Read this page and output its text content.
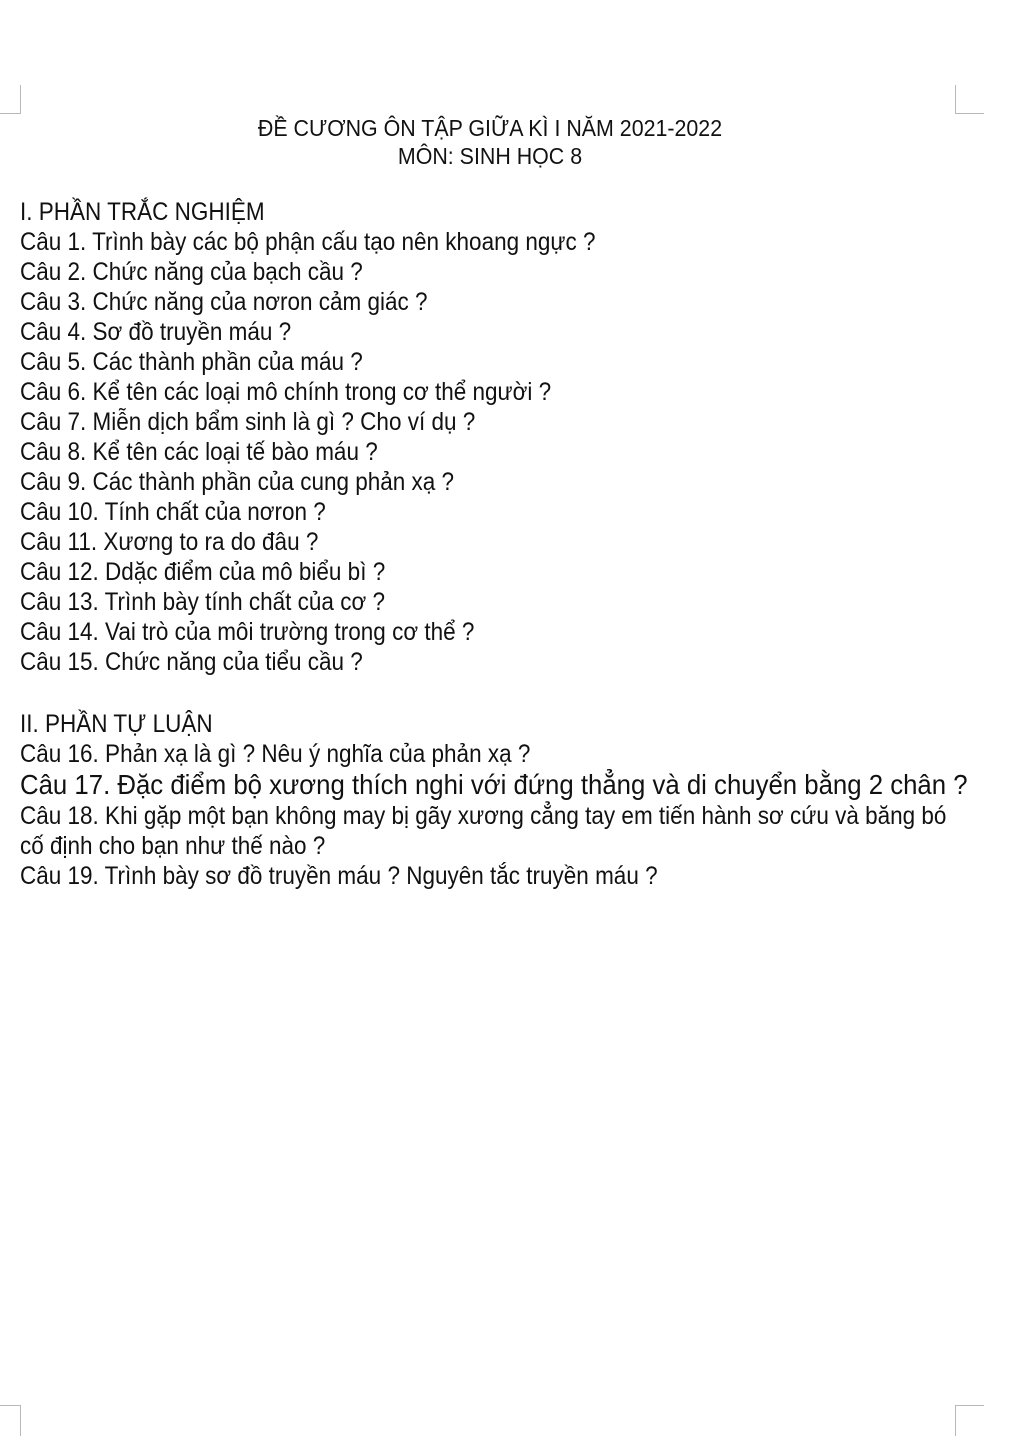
ĐỀ CƯƠNG ÔN TẬP GIỮA KÌ I NĂM 2021-2022
MÔN: SINH HỌC 8
I. PHẦN TRẮC NGHIỆM
Câu 1. Trình bày các bộ phận cấu tạo nên khoang ngực ?
Câu 2. Chức năng của bạch cầu ?
Câu 3. Chức năng của nơron cảm giác ?
Câu 4. Sơ đồ truyền máu ?
Câu 5. Các thành phần của máu ?
Câu 6. Kể tên các loại mô chính trong cơ thể người ?
Câu 7. Miễn dịch bẩm sinh là gì ? Cho ví dụ ?
Câu 8. Kể tên các loại tế bào máu ?
Câu 9. Các thành phần của cung phản xạ ?
Câu 10. Tính chất của nơron ?
Câu 11. Xương to ra do đâu ?
Câu 12. Ddặc điểm của mô biểu bì ?
Câu 13. Trình bày tính chất của cơ ?
Câu 14. Vai trò của môi trường trong cơ thể ?
Câu 15. Chức năng của tiểu cầu ?
II. PHẦN TỰ LUẬN
Câu 16. Phản xạ là gì ? Nêu ý nghĩa của phản xạ ?
Câu 17. Đặc điểm bộ xương thích nghi với đứng thẳng và di chuyển bằng 2 chân ?
Câu 18. Khi gặp một bạn không may bị gãy xương cẳng tay em tiến hành sơ cứu và băng bó cố định cho bạn như thế nào ?
Câu 19. Trình bày sơ đồ truyền máu ? Nguyên tắc truyền máu ?
